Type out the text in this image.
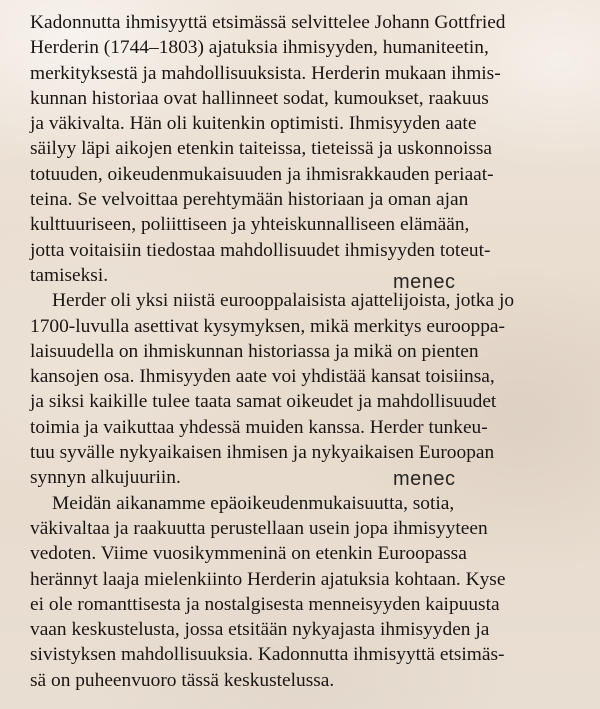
Kadonnutta ihmisyyttä etsimässä selvittelee Johann Gottfried
Herderin (1744–1803) ajatuksia ihmisyyden, humaniteetin,
merkityksestä ja mahdollisuuksista. Herderin mukaan ihmis-
kunnan historiaa ovat hallinneet sodat, kumoukset, raakuus
ja väkivalta. Hän oli kuitenkin optimisti. Ihmisyyden aate
säilyy läpi aikojen etenkin taiteissa, tieteissä ja uskonnoissa
totuuden, oikeudenmukaisuuden ja ihmisrakkauden periaat-
teina. Se velvoittaa perehtymään historiaan ja oman ajan
kulttuuriseen, poliittiseen ja yhteiskunnalliseen elämään,
jotta voitaisiin tiedostaa mahdollisuudet ihmisyyden toteut-
tamiseksi.

Herder oli yksi niistä eurooppalaisista ajattelijoista, jotka jo
1700-luvulla asettivat kysymyksen, mikä merkitys eurooppa-
laisuudella on ihmiskunnan historiassa ja mikä on pienten
kansojen osa. Ihmisyyden aate voi yhdistää kansat toisiinsa,
ja siksi kaikille tulee taata samat oikeudet ja mahdollisuudet
toimia ja vaikuttaa yhdessä muiden kanssa. Herder tunkeu-
tuu syvälle nykyaikaisen ihmisen ja nykyaikaisen Euroopan
synnyn alkujuuriin.

Meidän aikanamme epäoikeudenmukaisuutta, sotia,
väkivaltaa ja raakuutta perustellaan usein jopa ihmisyyteen
vedoten. Viime vuosikymmeninä on etenkin Euroopassa
herännyt laaja mielenkiinto Herderin ajatuksia kohtaan. Kyse
ei ole romanttisesta ja nostalgisesta menneisyyden kaipuusta
vaan keskustelusta, jossa etsitään nykyajasta ihmisyyden ja
sivistyksen mahdollisuuksia. Kadonnutta ihmisyyttä etsimäs-
sä on puheenvuoro tässä keskustelussa.

menec
menec
